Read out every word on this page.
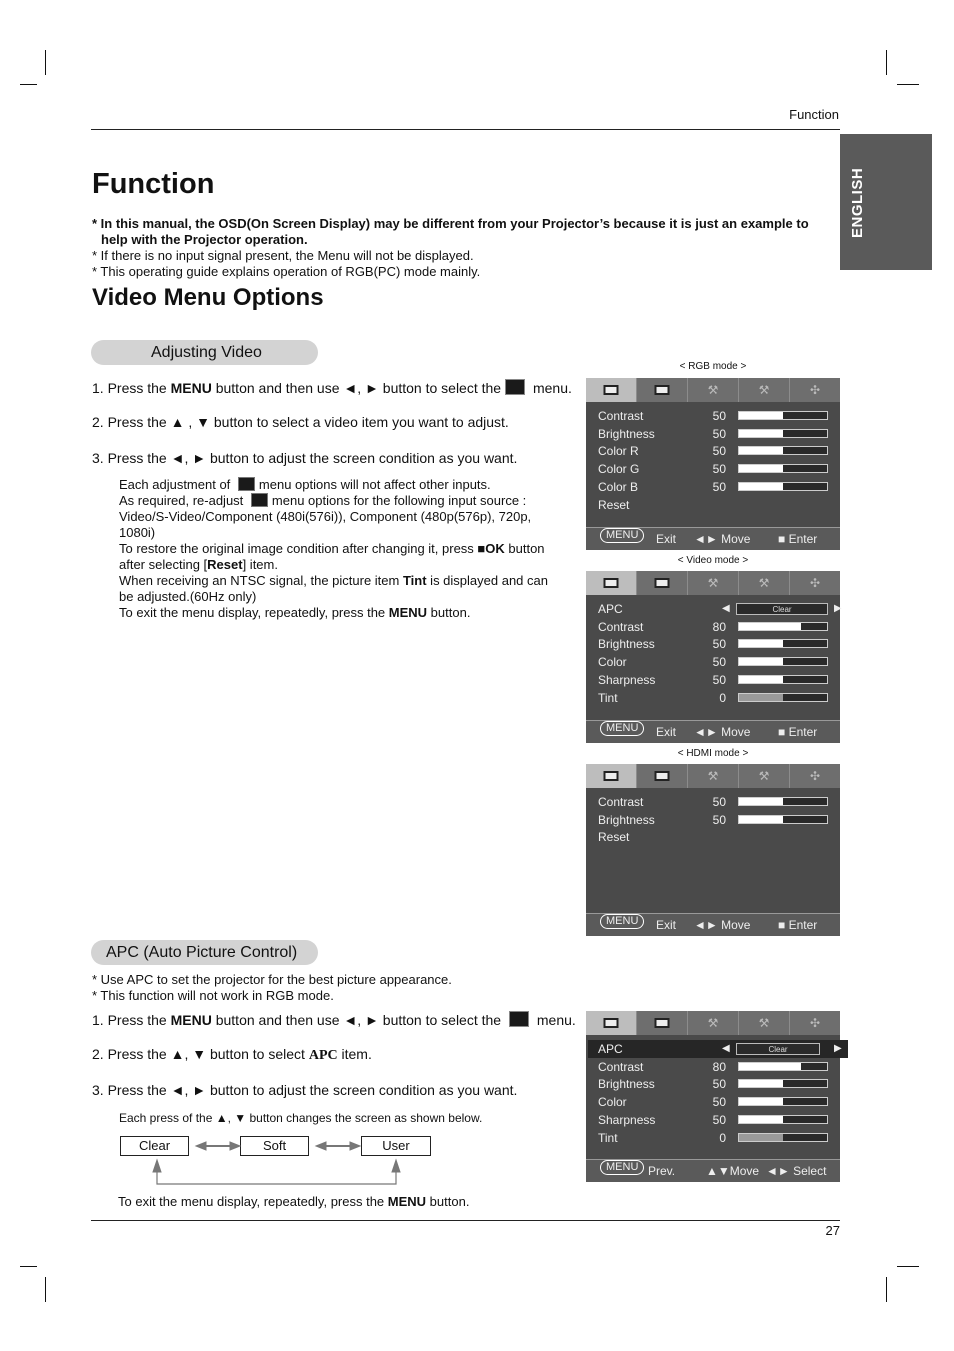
Function
ENGLISH
Function
* In this manual, the OSD(On Screen Display) may be different from your Projector’s because it is just an example to
help with the Projector operation.
* If there is no input signal present, the Menu will not be displayed.
* This operating guide explains operation of RGB(PC) mode mainly.
Video Menu Options
Adjusting Video
1. Press the MENU button and then use ◄, ► button to select the menu.
2. Press the ▲ , ▼ button to select a video item you want to adjust.
3. Press the ◄, ► button to adjust the screen condition as you want.
Each adjustment of menu options will not affect other inputs.
As required, re-adjust menu options for the following input source :
Video/S-Video/Component (480i(576i)), Component (480p(576p), 720p, 1080i)
To restore the original image condition after changing it, press ■OK button
after selecting [Reset] item.
When receiving an NTSC signal, the picture item Tint is displayed and can
be adjusted.(60Hz only)
To exit the menu display, repeatedly, press the MENU button.
< RGB mode >
< Video mode >
< HDMI mode >
⚒	⚒	✣
Contrast	50
Brightness	50
Color R	50
Color G	50
Color B	50
Reset
MENU	Exit ◄► Move ■ Enter
⚒	⚒	✣
APC	◀	Clear	▶
Contrast	80
Brightness	50
Color	50
Sharpness	50
Tint	0
MENU	Exit ◄► Move ■ Enter
⚒	⚒	✣
Contrast	50
Brightness	50
Reset
MENU	Exit ◄► Move ■ Enter
⚒	⚒	✣
APC	◀	Clear	▶
Contrast	80
Brightness	50
Color	50
Sharpness	50
Tint	0
MENU Prev.	▲▼Move ◄► Select
APC (Auto Picture Control)
* Use APC to set the projector for the best picture appearance.
* This function will not work in RGB mode.
1. Press the MENU button and then use ◄, ► button to select the	menu.
2. Press the ▲, ▼ button to select APC item.
3. Press the ◄, ► button to adjust the screen condition as you want.
Each press of the ▲, ▼ button changes the screen as shown below.
Clear	Soft	User
To exit the menu display, repeatedly, press the MENU button.
27
